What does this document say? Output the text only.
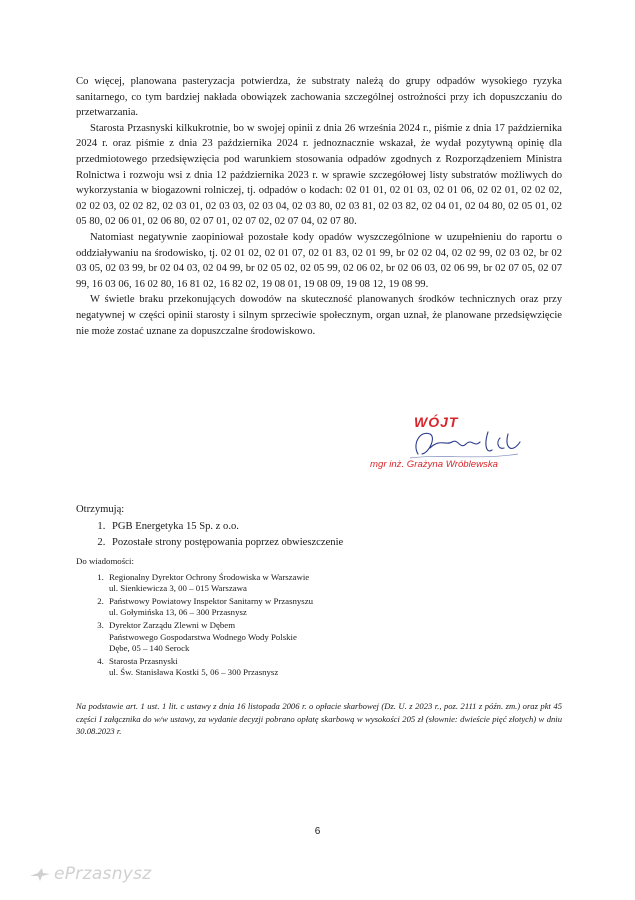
Co więcej, planowana pasteryzacja potwierdza, że substraty należą do grupy odpadów wysokiego ryzyka sanitarnego, co tym bardziej nakłada obowiązek zachowania szczególnej ostrożności przy ich dopuszczaniu do przetwarzania.

Starosta Przasnyski kilkukrotnie, bo w swojej opinii z dnia 26 września 2024 r., piśmie z dnia 17 października 2024 r. oraz piśmie z dnia 23 października 2024 r. jednoznacznie wskazał, że wydał pozytywną opinię dla przedmiotowego przedsięwzięcia pod warunkiem stosowania odpadów zgodnych z Rozporządzeniem Ministra Rolnictwa i rozwoju wsi z dnia 12 października 2023 r. w sprawie szczegółowej listy substratów możliwych do wykorzystania w biogazowni rolniczej, tj. odpadów o kodach: 02 01 01, 02 01 03, 02 01 06, 02 02 01, 02 02 02, 02 02 03, 02 02 82, 02 03 01, 02 03 03, 02 03 04, 02 03 80, 02 03 81, 02 03 82, 02 04 01, 02 04 80, 02 05 01, 02 05 80, 02 06 01, 02 06 80, 02 07 01, 02 07 02, 02 07 04, 02 07 80.

Natomiast negatywnie zaopiniował pozostałe kody opadów wyszczególnione w uzupełnieniu do raportu o oddziaływaniu na środowisko, tj. 02 01 02, 02 01 07, 02 01 83, 02 01 99, br 02 02 04, 02 02 99, 02 03 02, br 02 03 05, 02 03 99, br 02 04 03, 02 04 99, br 02 05 02, 02 05 99, 02 06 02, br 02 06 03, 02 06 99, br 02 07 05, 02 07 99, 16 03 06, 16 02 80, 16 81 02, 16 82 02, 19 08 01, 19 08 09, 19 08 12, 19 08 99.

W świetle braku przekonujących dowodów na skuteczność planowanych środków technicznych oraz przy negatywnej w części opinii starosty i silnym sprzeciwie społecznym, organ uznał, że planowane przedsięwzięcie nie może zostać uznane za dopuszczalne środowiskowo.

WÓJT
mgr inż. Grażyna Wróblewska

Otrzymują:

1. PGB Energetyka 15 Sp. z o.o.
2. Pozostałe strony postępowania poprzez obwieszczenie

Do wiadomości:

1. Regionalny Dyrektor Ochrony Środowiska w Warszawie
ul. Sienkiewicza 3, 00 – 015 Warszawa
2. Państwowy Powiatowy Inspektor Sanitarny w Przasnyszu
ul. Gołymińska 13, 06 – 300 Przasnysz
3. Dyrektor Zarządu Zlewni w Dębem
Państwowego Gospodarstwa Wodnego Wody Polskie
Dębe, 05 – 140 Serock
4. Starosta Przasnyski
ul. Św. Stanisława Kostki 5, 06 – 300 Przasnysz
Na podstawie art. 1 ust. 1 lit. c ustawy z dnia 16 listopada 2006 r. o opłacie skarbowej (Dz. U. z 2023 r., poz. 2111 z późn. zm.) oraz pkt 45 części I załącznika do w/w ustawy, za wydanie decyzji pobrano opłatę skarbową w wysokości 205 zł (słownie: dwieście pięć złotych) w dniu 30.08.2023 r.
6
ePrzasnysz
